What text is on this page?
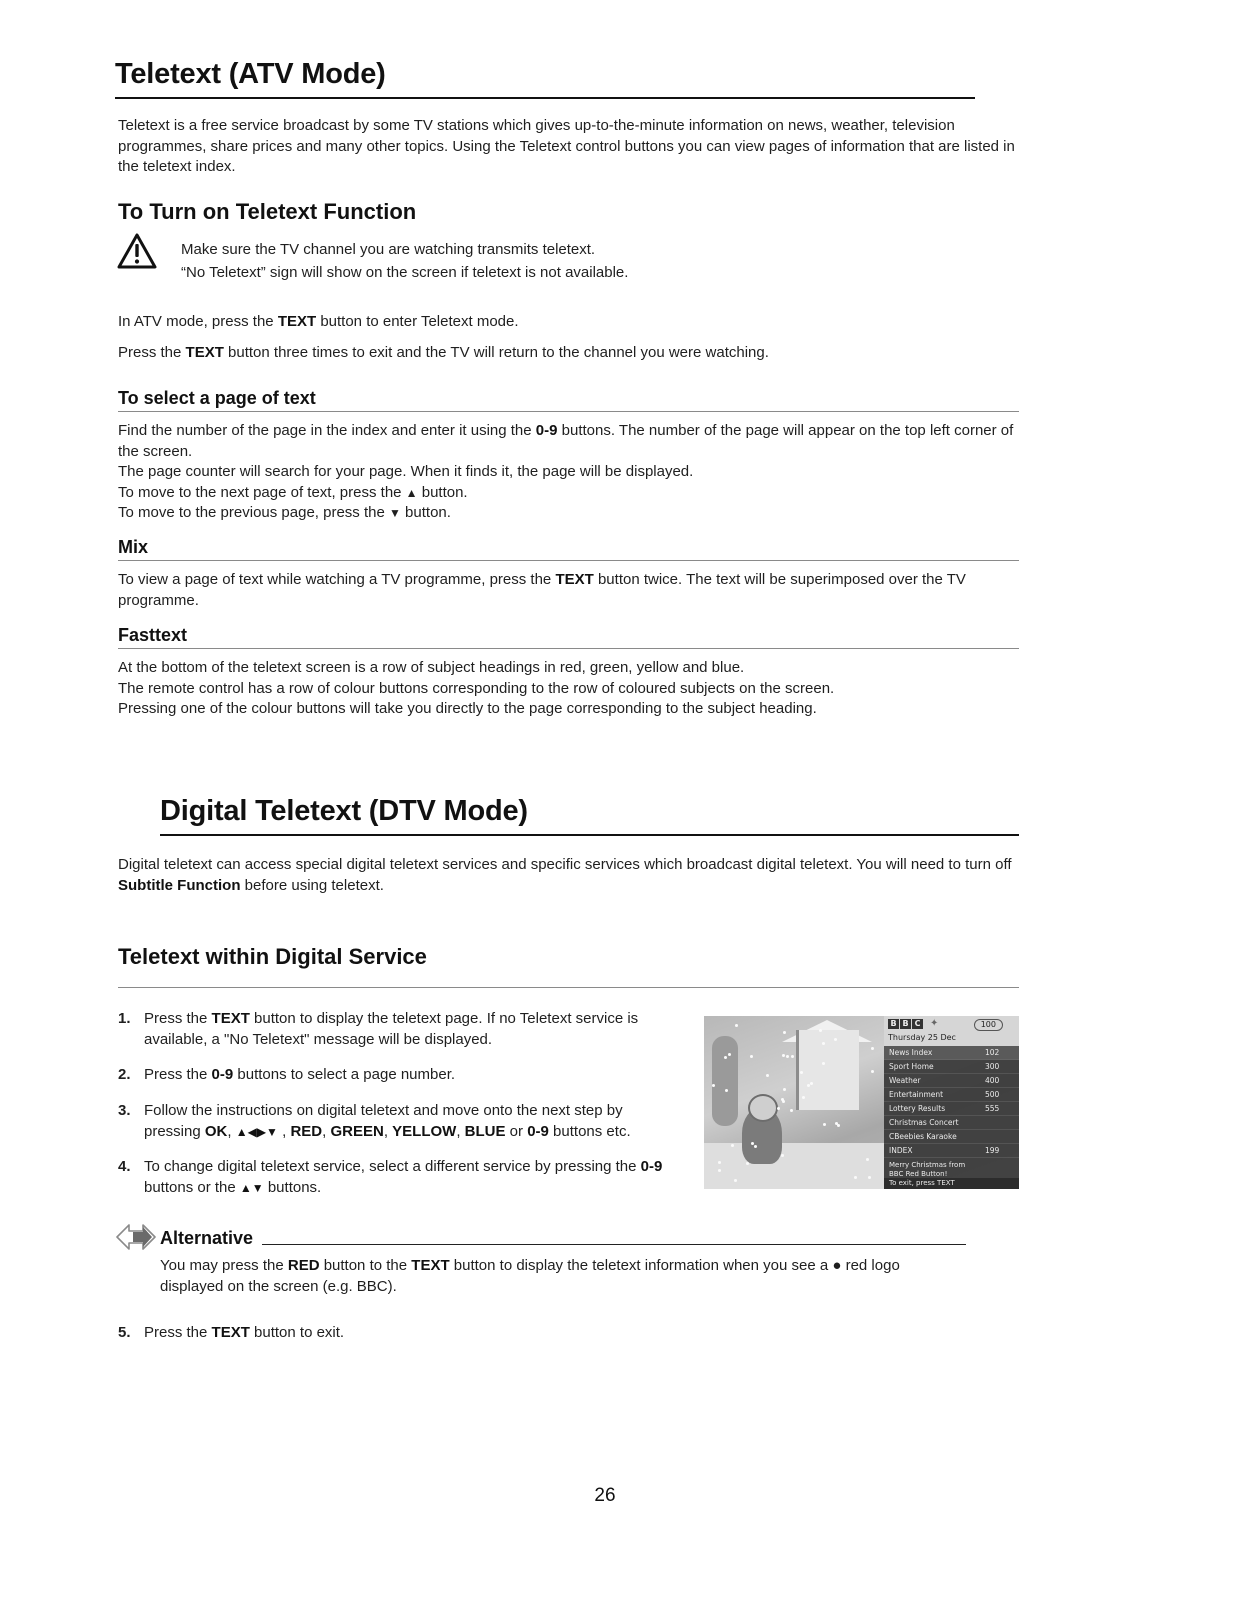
Teletext (ATV Mode)
Teletext is a free service broadcast by some TV stations which gives up-to-the-minute information on news, weather, television programmes, share prices and many other topics. Using the Teletext control buttons you can view pages of information that are listed in the teletext index.
To Turn on Teletext Function
Make sure the TV channel you are watching transmits teletext.
“No Teletext” sign will show on the screen if teletext is not available.
In ATV mode, press the TEXT button to enter Teletext mode.
Press the TEXT button three times to exit and the TV will return to the channel you were watching.
To select a page of text
Find the number of the page in the index and enter it using the 0-9 buttons. The number of the page will appear on the top left corner of the screen.
The page counter will search for your page. When it finds it, the page will be displayed.
To move to the next page of text, press the ▲ button.
To move to the previous page, press the ▼ button.
Mix
To view a page of text while watching a TV programme, press the TEXT button twice. The text will be superimposed over the TV programme.
Fasttext
At the bottom of the teletext screen is a row of subject headings in red, green, yellow and blue.
The remote control has a row of colour buttons corresponding to the row of coloured subjects on the screen.
Pressing one of the colour buttons will take you directly to the page corresponding to the subject heading.
Digital Teletext (DTV Mode)
Digital teletext can access special digital teletext services and specific services which broadcast digital teletext. You will need to turn off Subtitle Function before using teletext.
Teletext within Digital Service
1. Press the TEXT button to display the teletext page. If no Teletext service is available, a "No Teletext" message will be displayed.
2. Press the 0-9 buttons to select a page number.
3. Follow the instructions on digital teletext and move onto the next step by pressing OK, ▲◀▶▼ , RED, GREEN, YELLOW, BLUE or 0-9 buttons etc.
4. To change digital teletext service, select a different service by pressing the 0-9 buttons or the ▲▼ buttons.
B B C ✦	100
Thursday 25 Dec
News Index	102
Sport Home	300
Weather	400
Entertainment	500
Lottery Results	555
Christmas Concert
CBeebies Karaoke
INDEX	199
Merry Christmas from
BBC Red Button!
To exit, press TEXT
Alternative
You may press the RED button to the TEXT button to display the teletext information when you see a ● red logo displayed on the screen (e.g. BBC).
5. Press the TEXT button to exit.
26
